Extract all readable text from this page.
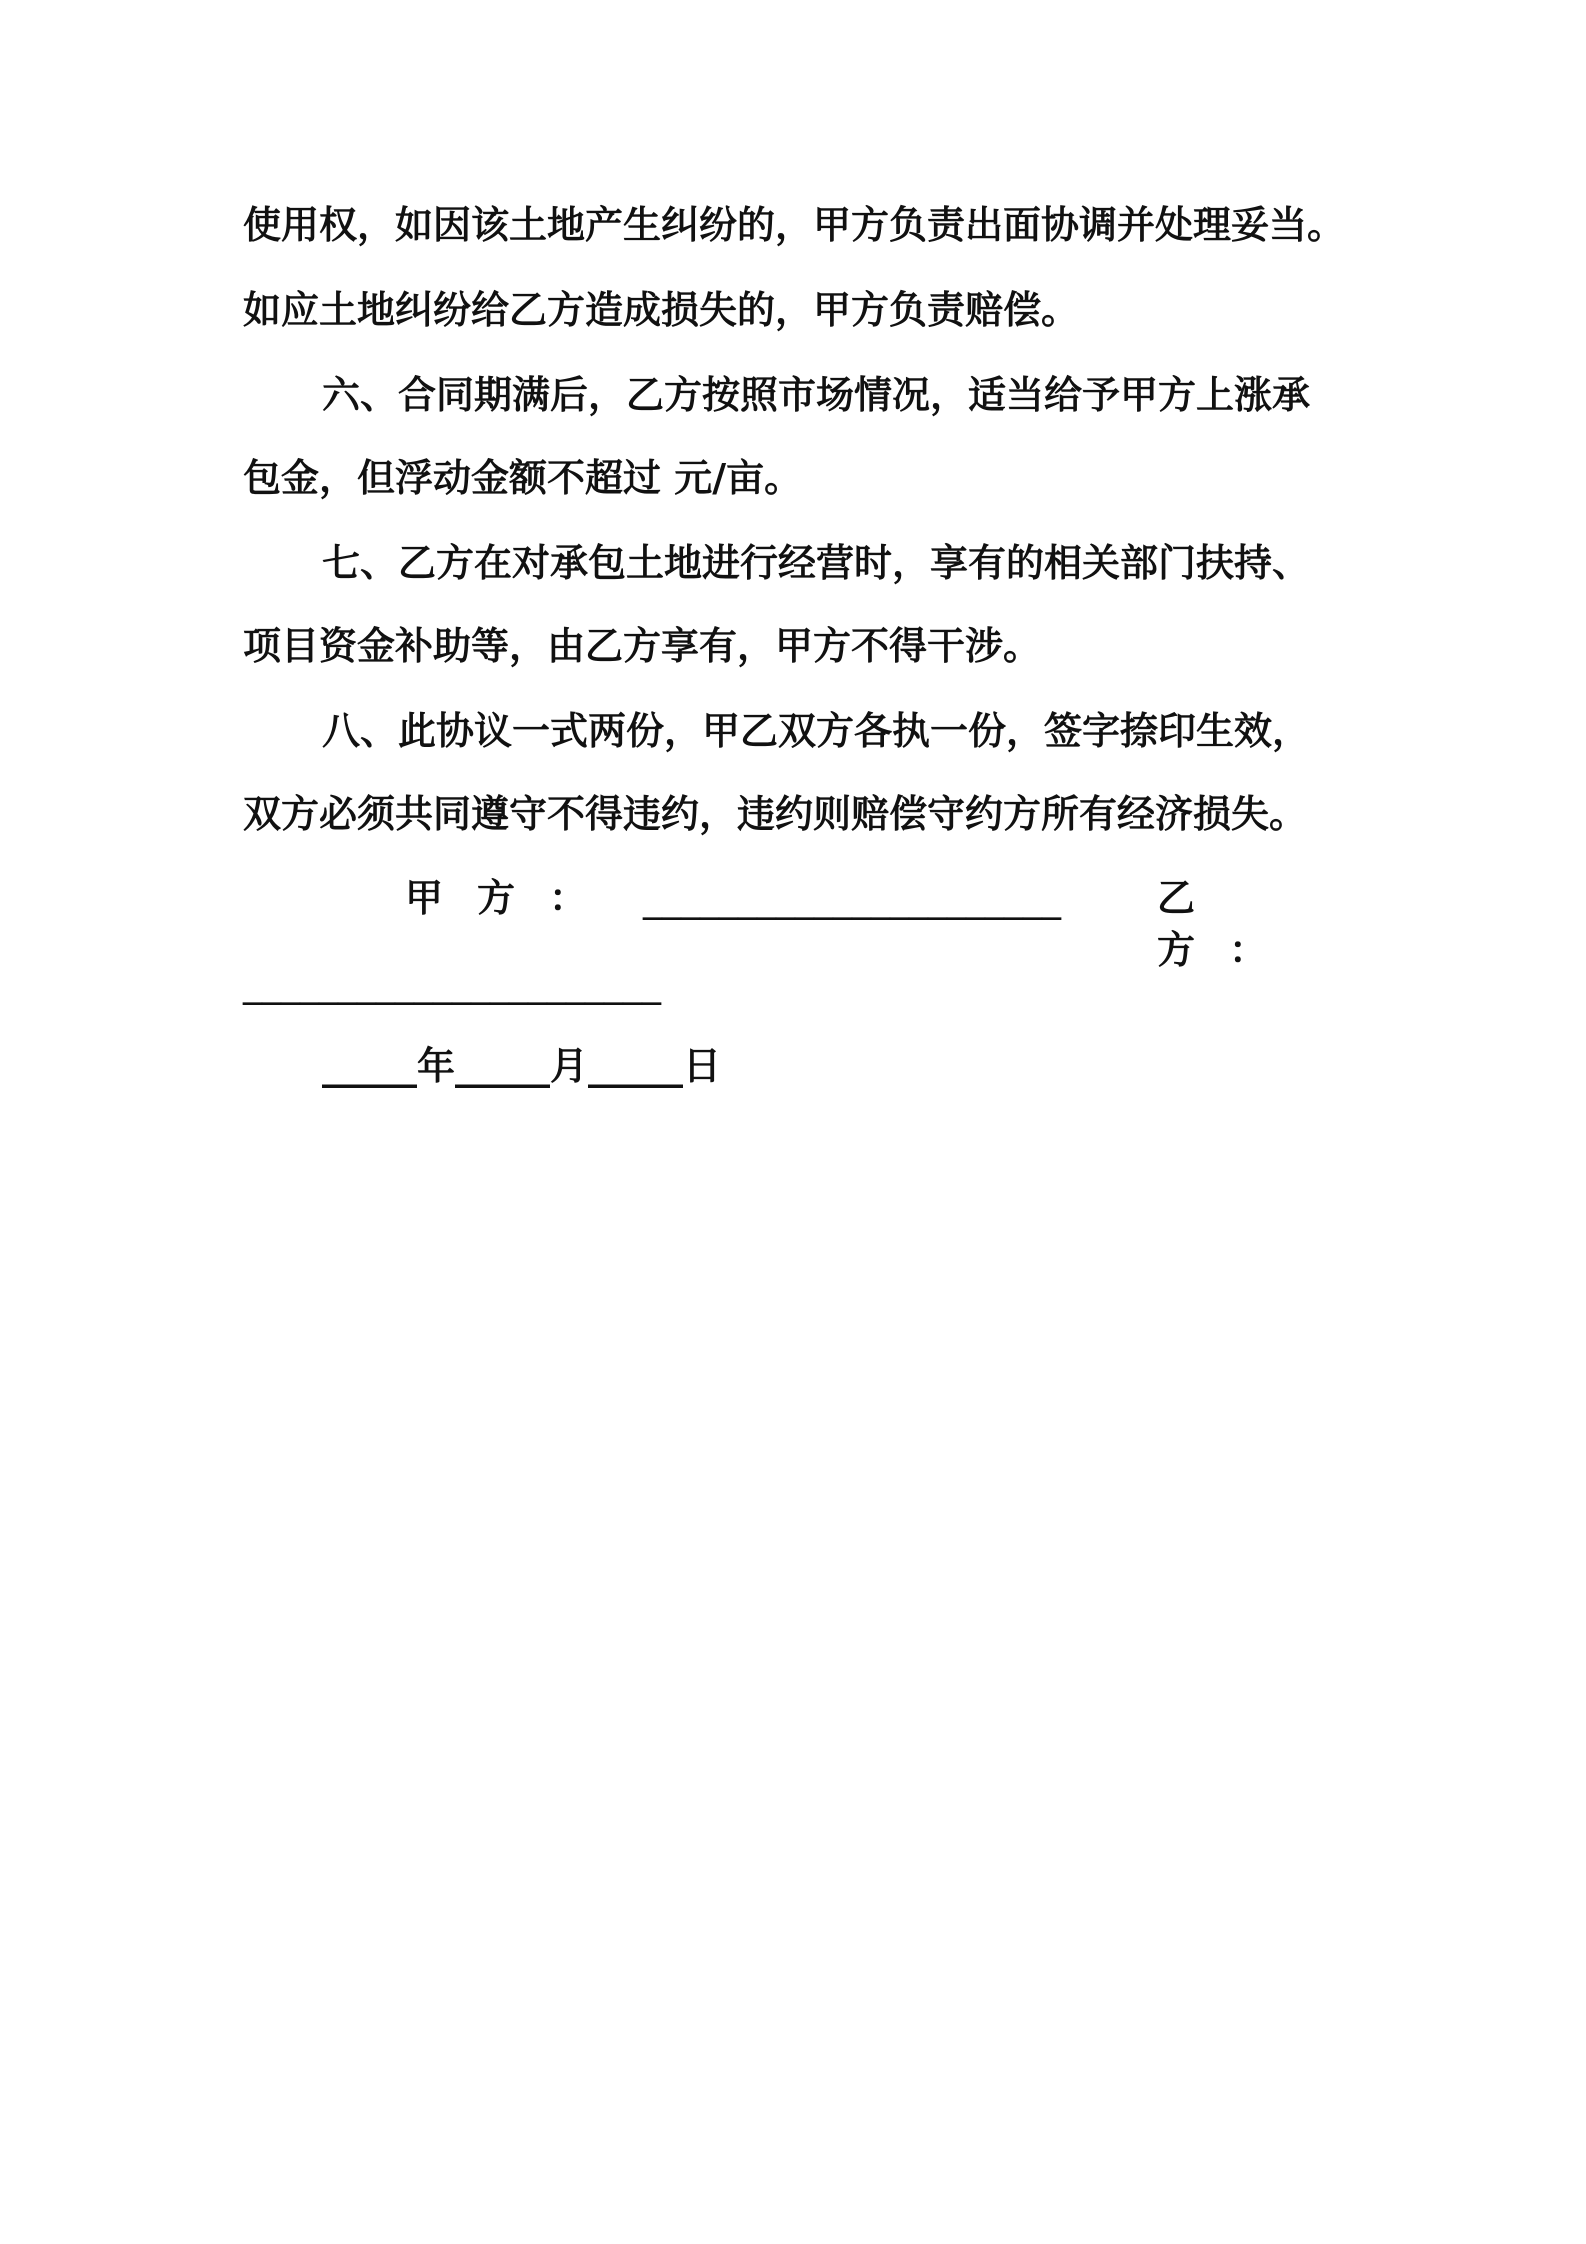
使用权，如因该土地产生纠纷的，甲方负责出面协调并处理妥当。
如应土地纠纷给乙方造成损失的，甲方负责赔偿。
六、合同期满后，乙方按照市场情况，适当给予甲方上涨承
包金，但浮动金额不超过 元/亩。
七、乙方在对承包土地进行经营时，享有的相关部门扶持、
项目资金补助等，由乙方享有，甲方不得干涉。
八、此协议一式两份，甲乙双方各执一份，签字捺印生效，
双方必须共同遵守不得违约，违约则赔偿守约方所有经济损失。
甲方： ______________________	乙方：
______________________
_____年_____月_____日
